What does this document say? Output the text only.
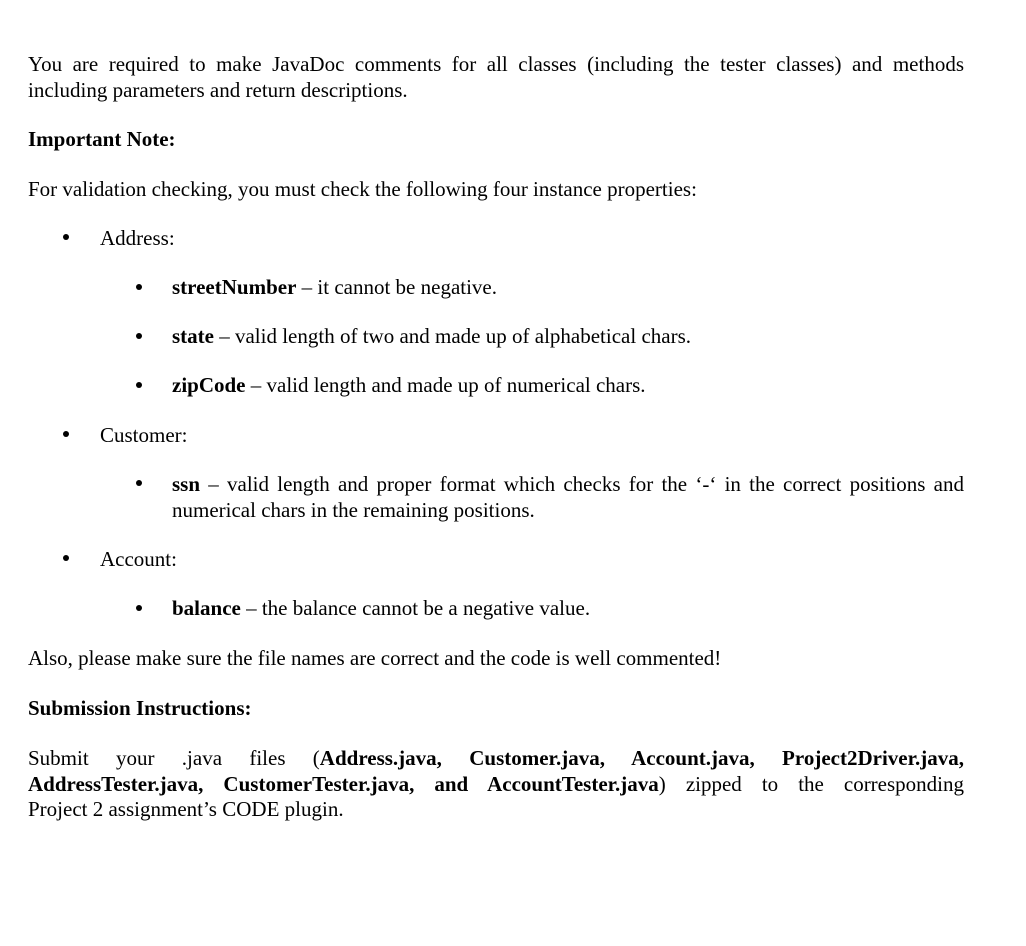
You are required to make JavaDoc comments for all classes (including the tester classes) and methods
including parameters and return descriptions.
Important Note:
For validation checking, you must check the following four instance properties:
Address:
streetNumber – it cannot be negative.
state – valid length of two and made up of alphabetical chars.
zipCode – valid length and made up of numerical chars.
Customer:
ssn – valid length and proper format which checks for the ‘-‘ in the correct positions and
numerical chars in the remaining positions.
Account:
balance – the balance cannot be a negative value.
Also, please make sure the file names are correct and the code is well commented!
Submission Instructions:
Submit your .java files (Address.java, Customer.java, Account.java, Project2Driver.java,
AddressTester.java, CustomerTester.java, and AccountTester.java) zipped to the corresponding
Project 2 assignment’s CODE plugin.
